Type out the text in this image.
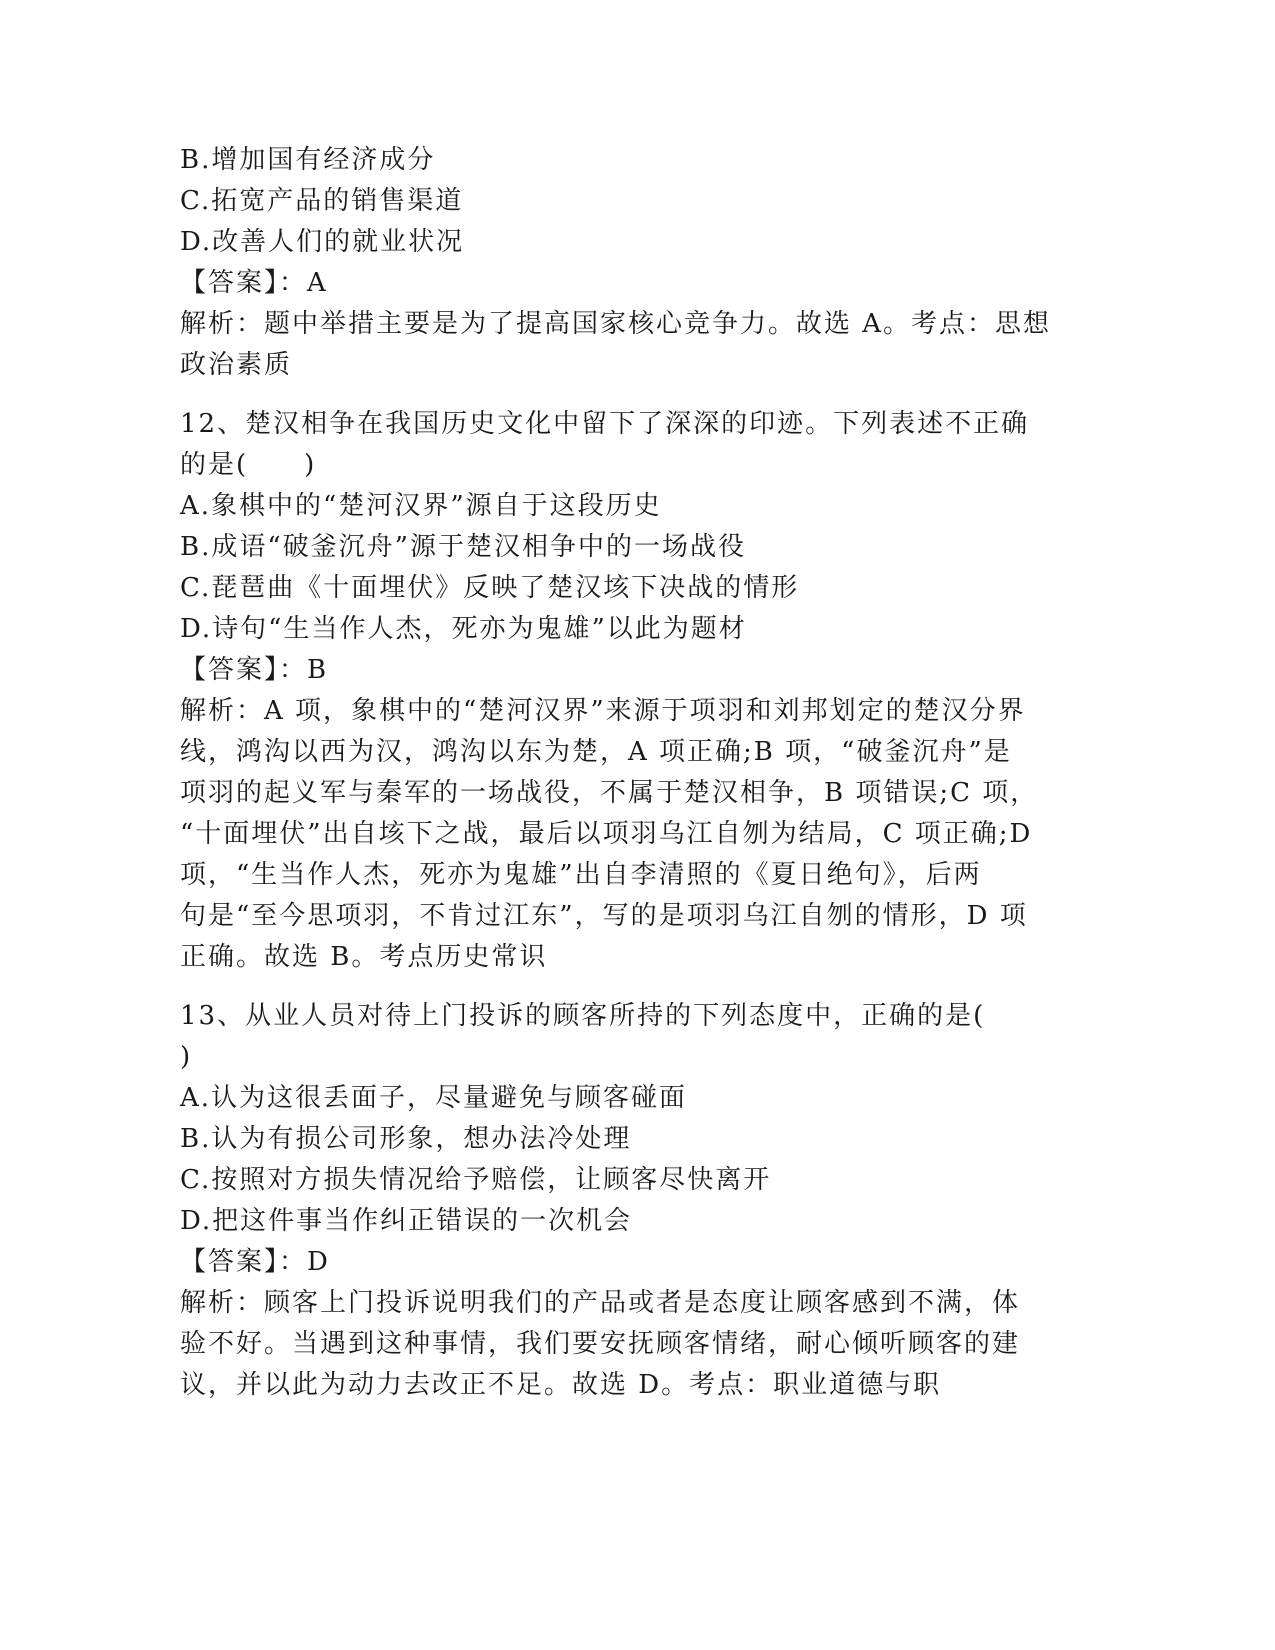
B.增加国有经济成分
C.拓宽产品的销售渠道
D.改善人们的就业状况
【答案】：A
解析：题中举措主要是为了提高国家核心竞争力。故选 A。考点：思想
政治素质
12、楚汉相争在我国历史文化中留下了深深的印迹。下列表述不正确
的是(　　)
A.象棋中的“楚河汉界”源自于这段历史
B.成语“破釜沉舟”源于楚汉相争中的一场战役
C.琵琶曲《十面埋伏》反映了楚汉垓下决战的情形
D.诗句“生当作人杰，死亦为鬼雄”以此为题材
【答案】：B
解析：A 项，象棋中的“楚河汉界”来源于项羽和刘邦划定的楚汉分界
线，鸿沟以西为汉，鸿沟以东为楚，A 项正确;B 项，“破釜沉舟”是
项羽的起义军与秦军的一场战役，不属于楚汉相争，B 项错误;C 项，
“十面埋伏”出自垓下之战，最后以项羽乌江自刎为结局，C 项正确;D
项，“生当作人杰，死亦为鬼雄”出自李清照的《夏日绝句》，后两
句是“至今思项羽，不肯过江东”，写的是项羽乌江自刎的情形，D 项
正确。故选 B。考点历史常识
13、从业人员对待上门投诉的顾客所持的下列态度中，正确的是(
)
A.认为这很丢面子，尽量避免与顾客碰面
B.认为有损公司形象，想办法冷处理
C.按照对方损失情况给予赔偿，让顾客尽快离开
D.把这件事当作纠正错误的一次机会
【答案】：D
解析：顾客上门投诉说明我们的产品或者是态度让顾客感到不满，体
验不好。当遇到这种事情，我们要安抚顾客情绪，耐心倾听顾客的建
议，并以此为动力去改正不足。故选 D。考点：职业道德与职
